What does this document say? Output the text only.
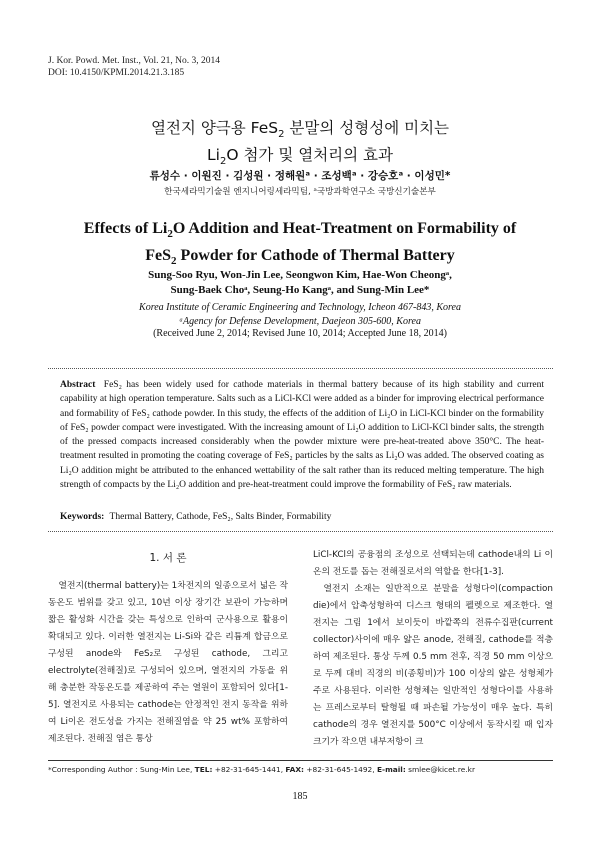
J. Kor. Powd. Met. Inst., Vol. 21, No. 3, 2014
DOI: 10.4150/KPMI.2014.21.3.185
열전지 양극용 FeS$_2$ 분말의 성형성에 미치는
$Li_2O$ 첨가 및 열처리의 효과
류성수 · 이원진 · 김성원 · 정해원ᵃ · 조성백ᵃ · 강승호ᵃ · 이성민*
한국세라믹기술원 엔지니어링세라믹팀, ᵃ국방과학연구소 국방신기술본부
Effects of $Li_2O$ Addition and Heat-Treatment on Formability of
FeS$_2$ Powder for Cathode of Thermal Battery
Sung-Soo Ryu, Won-Jin Lee, Seongwon Kim, Hae-Won Cheongᵃ,
Sung-Baek Choᵃ, Seung-Ho Kangᵃ, and Sung-Min Lee*
Korea Institute of Ceramic Engineering and Technology, Icheon 467-843, Korea
ᵃAgency for Defense Development, Daejeon 305-600, Korea
(Received June 2, 2014; Revised June 10, 2014; Accepted June 18, 2014)
Abstract FeS₂ has been widely used for cathode materials in thermal battery because of its high stability and current capability at high operation temperature. Salts such as a LiCl-KCl were added as a binder for improving electrical performance and formability of FeS₂ cathode powder. In this study, the effects of the addition of Li₂O in LiCl-KCl binder on the formability of FeS₂ powder compact were investigated. With the increasing amount of Li₂O addition to LiCl-KCl binder salts, the strength of the pressed compacts increased considerably when the powder mixture were pre-heat-treated above 350°C. The heat-treatment resulted in promoting the coating coverage of FeS₂ particles by the salts as Li₂O was added. The observed coating as Li₂O addition might be attributed to the enhanced wettability of the salt rather than its reduced melting temperature. The high strength of compacts by the Li₂O addition and pre-heat-treatment could improve the formability of FeS₂ raw materials.
Keywords: Thermal Battery, Cathode, FeS₂, Salts Binder, Formability
1. 서 론

열전지(thermal battery)는 1차전지의 일종으로서 넓은 작동온도 범위를 갖고 있고, 10년 이상 장기간 보관이 가능하며 짧은 활성화 시간을 갖는 특성으로 인하여 군사용으로 활용이 확대되고 있다. 이러한 열전지는 Li-Si와 같은 리튬계 합금으로 구성된 anode와 FeS₂로 구성된 cathode, 그리고 electrolyte(전해질)로 구성되어 있으며, 열전지의 가동을 위해 충분한 작동온도를 제공하여 주는 열원이 포함되어 있다[1-5]. 열전지로 사용되는 cathode는 안정적인 전지 동작을 위하여 Li이온 전도성을 가지는 전해질염을 약 25 wt% 포함하여 제조된다. 전해질 염은 통상

LiCl-KCl의 공융점의 조성으로 선택되는데 cathode내의 Li 이온의 전도를 돕는 전해질로서의 역할을 한다[1-3].

열전지 소재는 일반적으로 분말을 성형다이(compaction die)에서 압축성형하여 디스크 형태의 펠렛으로 제조한다. 열전지는 그림 1에서 보이듯이 바깥쪽의 전류수집판(current collector)사이에 매우 얇은 anode, 전해질, cathode를 적층하여 제조된다. 통상 두께 0.5 mm 전후, 직경 50 mm 이상으로 두께 대비 직경의 비(종횡비)가 100 이상의 얇은 성형체가 주로 사용된다. 이러한 성형체는 일반적인 성형다이를 사용하는 프레스로부터 탈형될 때 파손될 가능성이 매우 높다. 특히 cathode의 경우 열전지를 500°C 이상에서 동작시킬 때 입자크기가 작으면 내부저항이 크

*Corresponding Author : Sung-Min Lee, TEL: +82-31-645-1441, FAX: +82-31-645-1492, E-mail: smlee@kicet.re.kr
185
